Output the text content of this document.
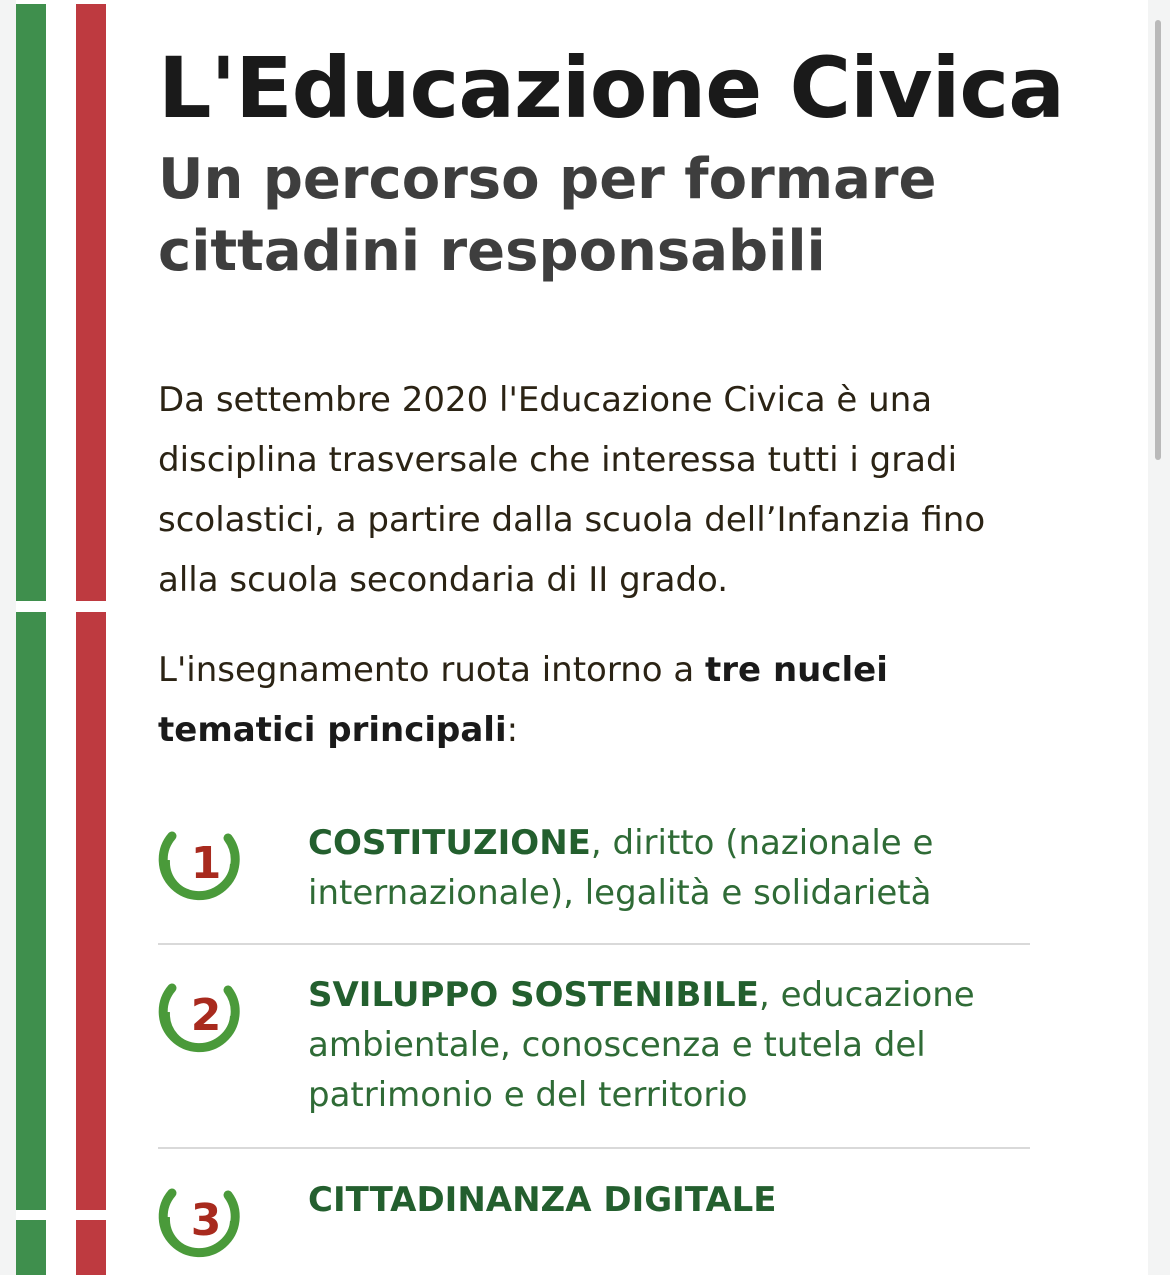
L'Educazione Civica
Un percorso per formare cittadini responsabili

Da settembre 2020 l'Educazione Civica è una disciplina trasversale che interessa tutti i gradi scolastici, a partire dalla scuola dell’Infanzia fino alla scuola secondaria di II grado.

L'insegnamento ruota intorno a tre nuclei tematici principali:

1	COSTITUZIONE, diritto (nazionale e internazionale), legalità e solidarietà
2	SVILUPPO SOSTENIBILE, educazione ambientale, conoscenza e tutela del patrimonio e del territorio
3	CITTADINANZA DIGITALE
